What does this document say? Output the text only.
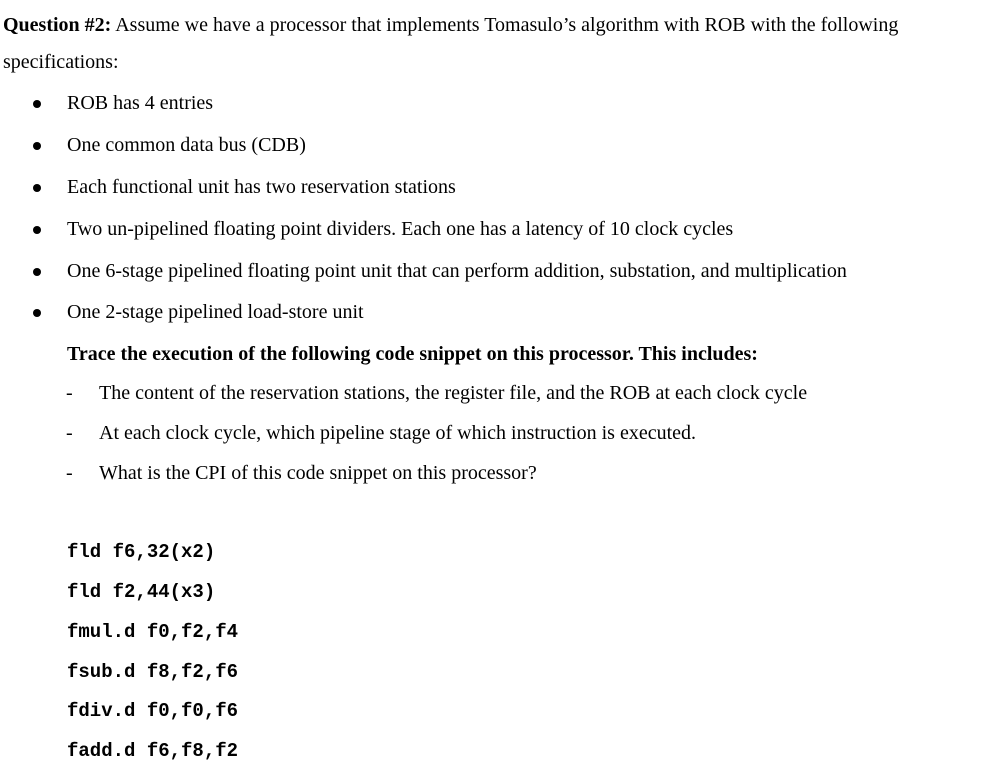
Question #2: Assume we have a processor that implements Tomasulo’s algorithm with ROB with the following
specifications:
ROB has 4 entries
One common data bus (CDB)
Each functional unit has two reservation stations
Two un-pipelined floating point dividers. Each one has a latency of 10 clock cycles
One 6-stage pipelined floating point unit that can perform addition, substation, and multiplication
One 2-stage pipelined load-store unit
Trace the execution of the following code snippet on this processor. This includes:
- The content of the reservation stations, the register file, and the ROB at each clock cycle
- At each clock cycle, which pipeline stage of which instruction is executed.
- What is the CPI of this code snippet on this processor?
fld f6,32(x2)
fld f2,44(x3)
fmul.d f0,f2,f4
fsub.d f8,f2,f6
fdiv.d f0,f0,f6
fadd.d f6,f8,f2
